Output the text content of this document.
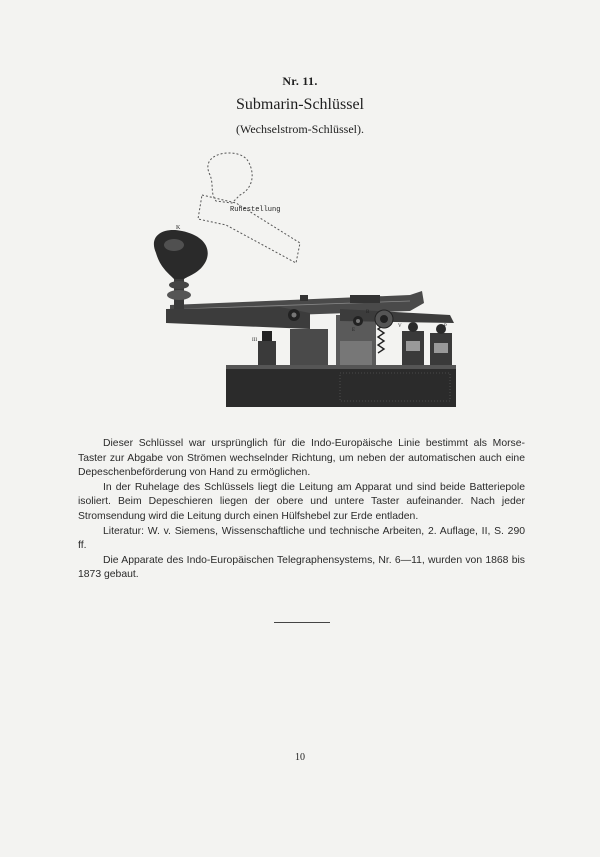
Nr. 11.
Submarin-Schlüssel
(Wechselstrom-Schlüssel).
Ruhestellung
K
III
E
B
V	P

Dieser Schlüssel war ursprünglich für die Indo-Europäische Linie bestimmt als Morse-Taster zur Abgabe von Strömen wechselnder Richtung, um neben der automatischen auch eine Depeschenbeförderung von Hand zu ermöglichen.

In der Ruhelage des Schlüssels liegt die Leitung am Apparat und sind beide Batteriepole isoliert. Beim Depeschieren liegen der obere und untere Taster aufeinander. Nach jeder Stromsendung wird die Leitung durch einen Hülfshebel zur Erde entladen.

Literatur: W. v. Siemens, Wissenschaftliche und technische Arbeiten, 2. Auflage, II, S. 290 ff.

Die Apparate des Indo-Europäischen Telegraphensystems, Nr. 6—11, wurden von 1868 bis 1873 gebaut.

10
